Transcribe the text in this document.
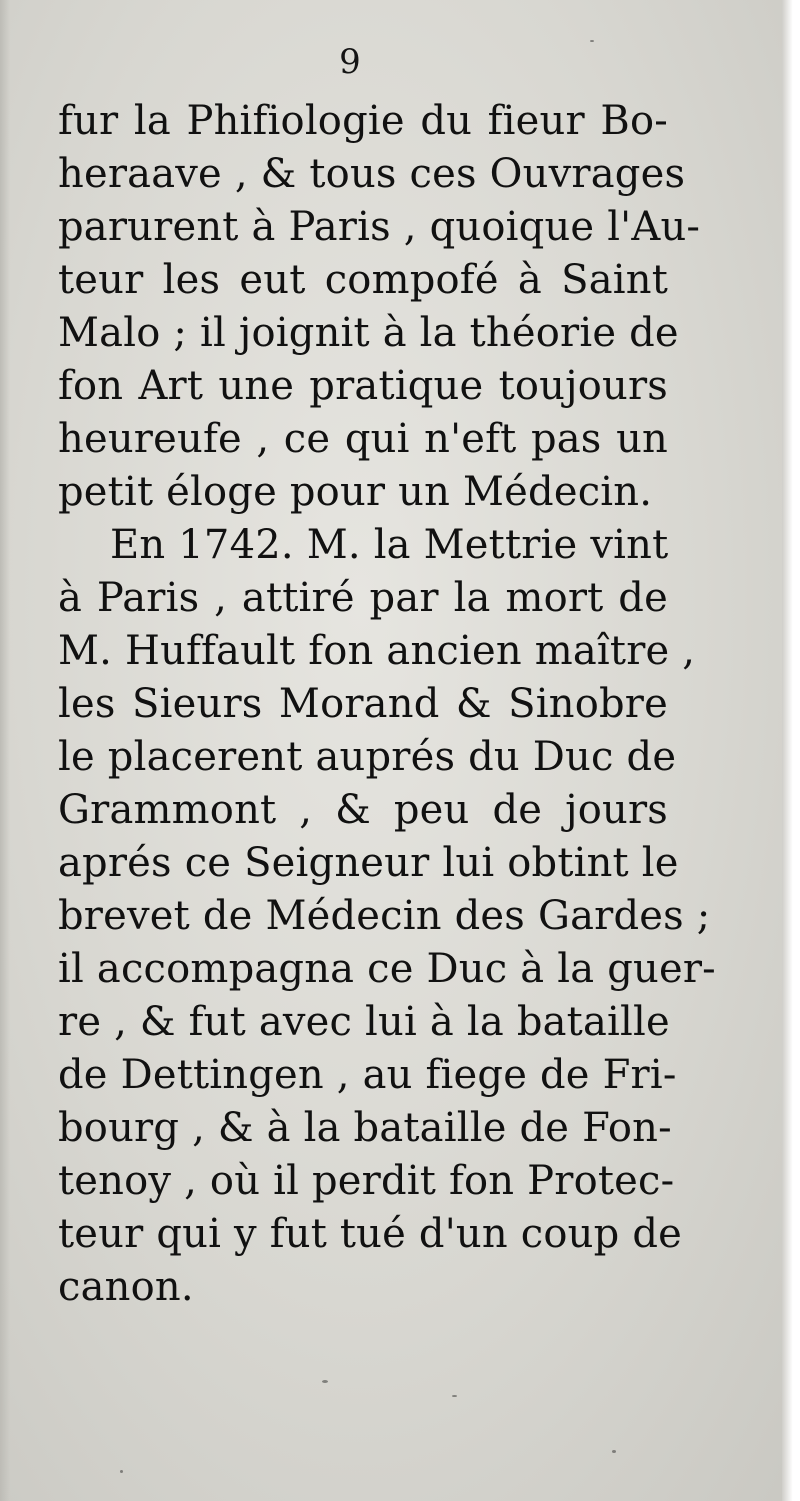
9
fur la Phifiologie du fieur Bo-
heraave , & tous ces Ouvrages
parurent à Paris , quoique l'Au-
teur les eut compofé à Saint
Malo ; il joignit à la théorie de
fon Art une pratique toujours
heureufe , ce qui n'eft pas un
petit éloge pour un Médecin.
En 1742. M. la Mettrie vint
à Paris , attiré par la mort de
M. Huffault fon ancien maître ,
les Sieurs Morand & Sinobre
le placerent auprés du Duc de
Grammont , & peu de jours
aprés ce Seigneur lui obtint le
brevet de Médecin des Gardes ;
il accompagna ce Duc à la guer-
re , & fut avec lui à la bataille
de Dettingen , au fiege de Fri-
bourg , & à la bataille de Fon-
tenoy , où il perdit fon Protec-
teur qui y fut tué d'un coup de
canon.
